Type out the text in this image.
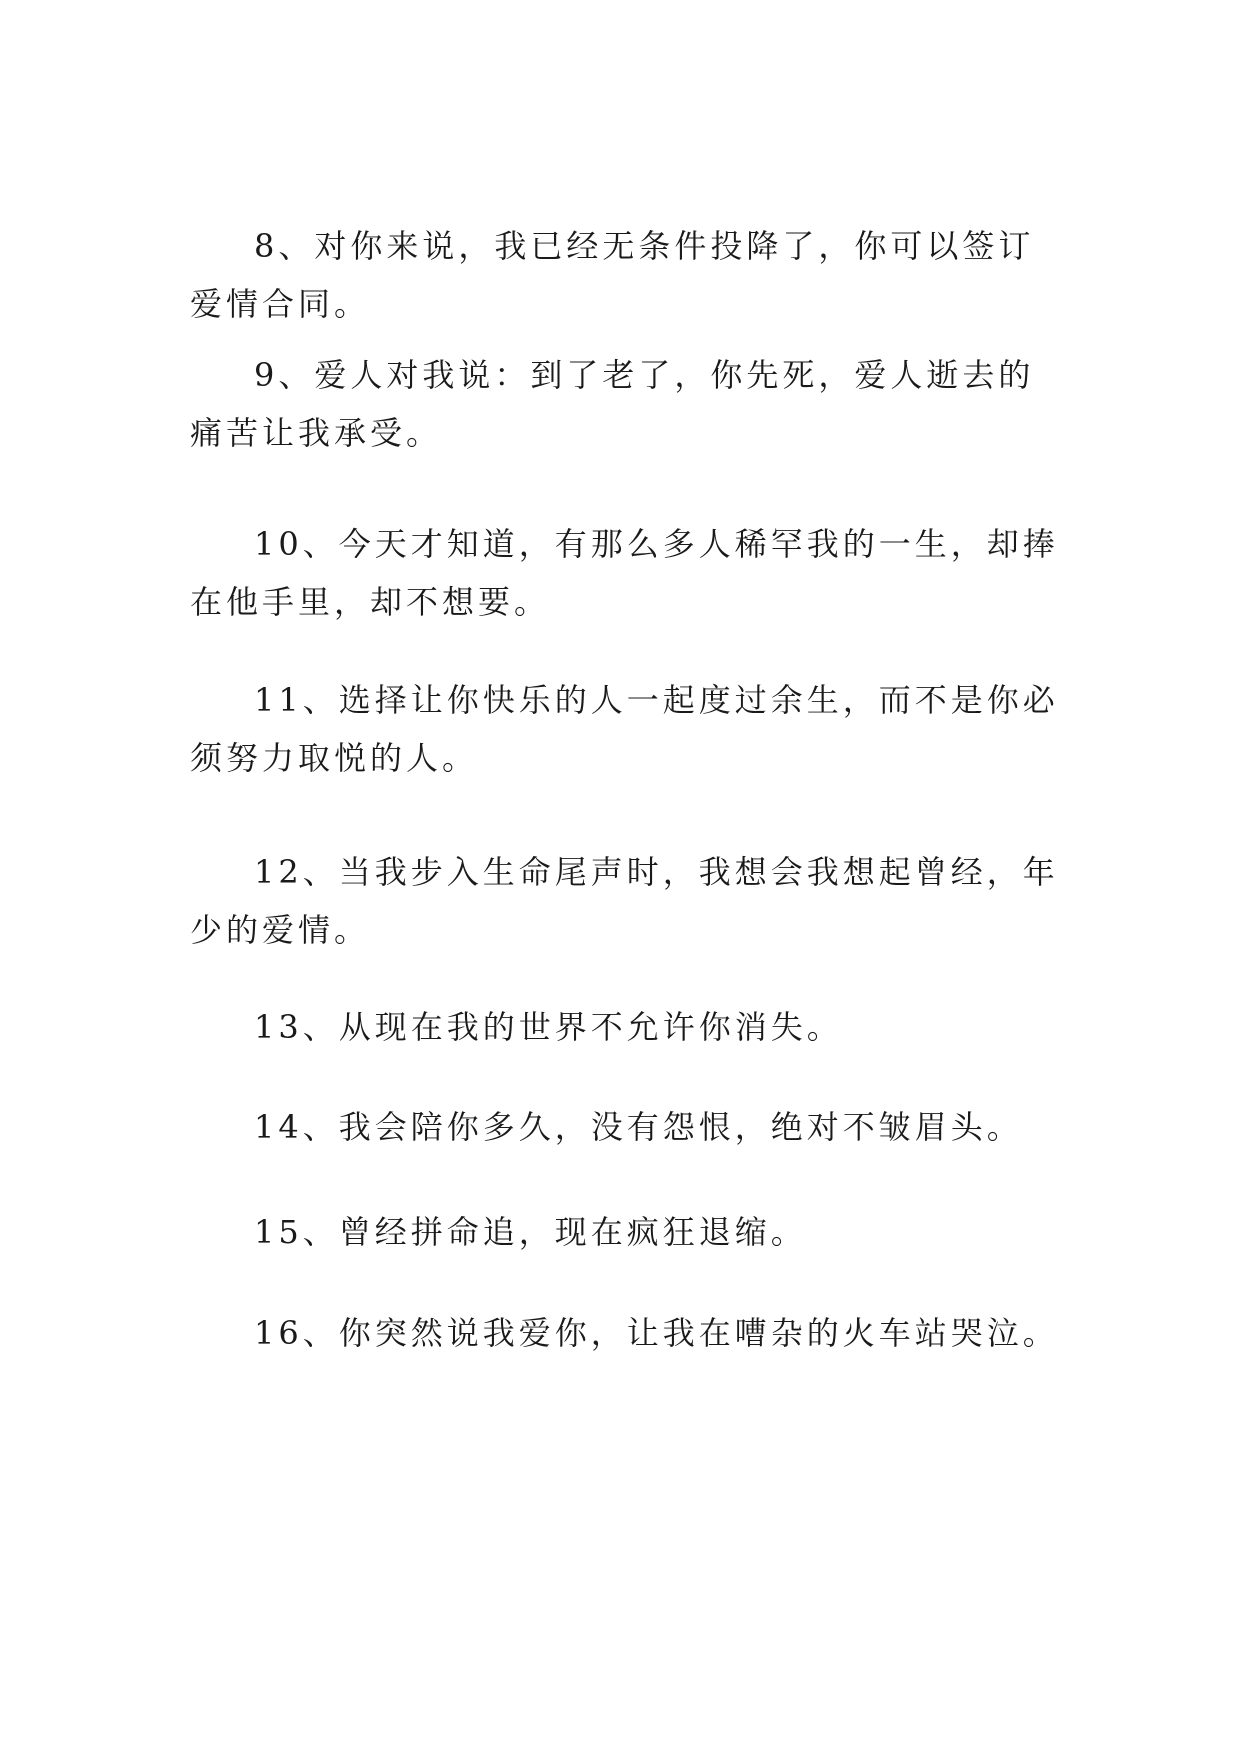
8、对你来说，我已经无条件投降了，你可以签订爱情合同。

9、爱人对我说：到了老了，你先死，爱人逝去的痛苦让我承受。

10、今天才知道，有那么多人稀罕我的一生，却捧在他手里，却不想要。

11、选择让你快乐的人一起度过余生，而不是你必须努力取悦的人。

12、当我步入生命尾声时，我想会我想起曾经，年少的爱情。

13、从现在我的世界不允许你消失。

14、我会陪你多久，没有怨恨，绝对不皱眉头。

15、曾经拼命追，现在疯狂退缩。

16、你突然说我爱你，让我在嘈杂的火车站哭泣。
